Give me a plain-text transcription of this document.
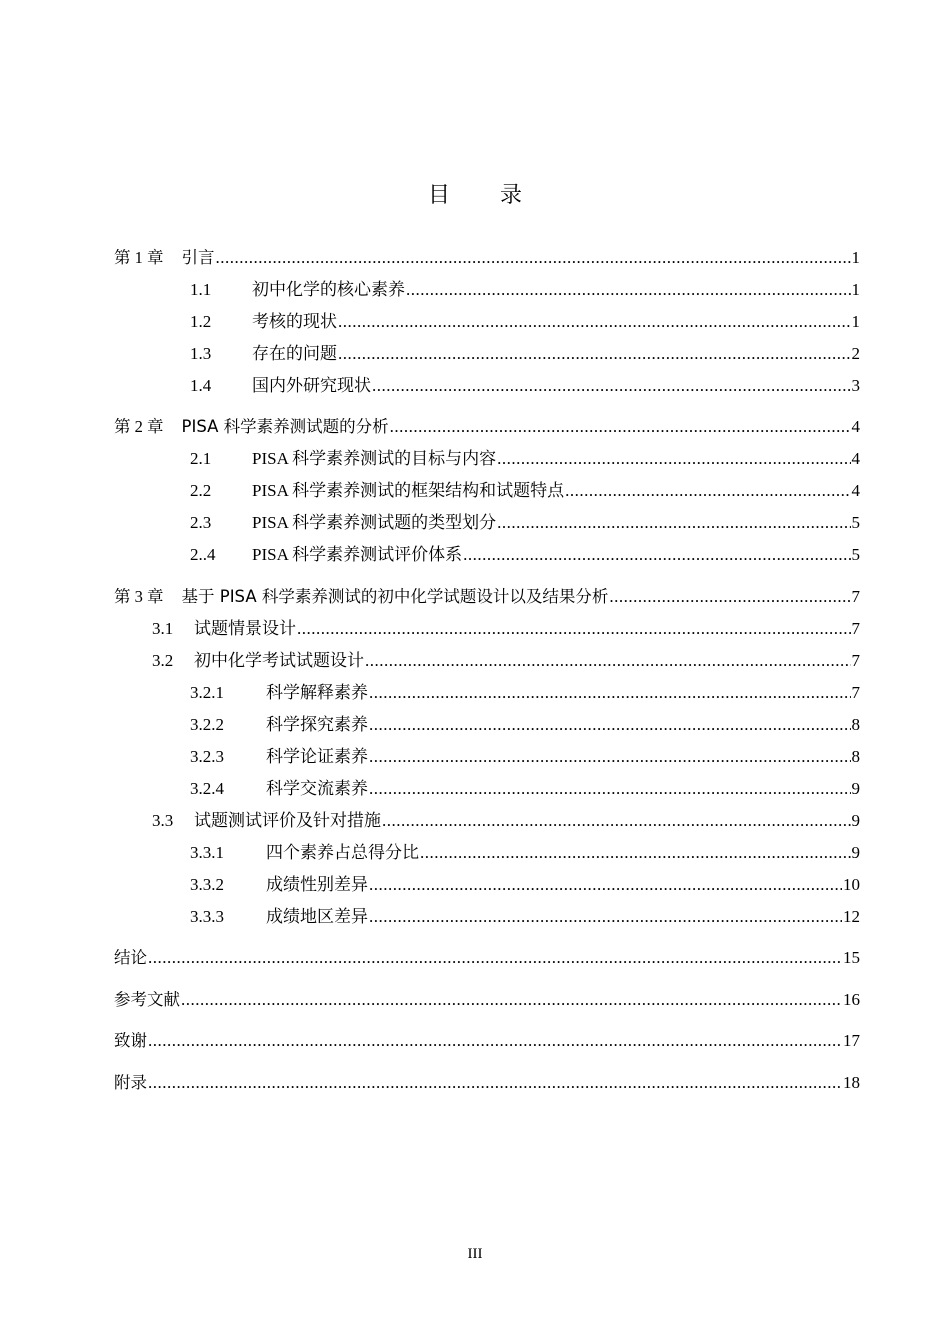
目 录
第 1 章 引言 .....	1
1.1 初中化学的核心素养 .....	1
1.2 考核的现状 .....	1
1.3 存在的问题 .....	2
1.4 国内外研究现状 .....	3
第 2 章 PISA 科学素养测试题的分析 .....	4
2.1 PISA 科学素养测试的目标与内容 .....	4
2.2 PISA 科学素养测试的框架结构和试题特点 .....	4
2.3 PISA 科学素养测试题的类型划分 .....	5
2..4 PISA 科学素养测试评价体系 .....	5
第 3 章 基于 PISA 科学素养测试的初中化学试题设计以及结果分析 .....	7
3.1 试题情景设计 .....	7
3.2 初中化学考试试题设计 .....	7
3.2.1 科学解释素养 .....	7
3.2.2 科学探究素养 .....	8
3.2.3 科学论证素养 .....	8
3.2.4 科学交流素养 .....	9
3.3 试题测试评价及针对措施 .....	9
3.3.1 四个素养占总得分比 .....	9
3.3.2 成绩性别差异 .....	10
3.3.3 成绩地区差异 .....	12
结论 .....	15
参考文献 .....	16
致谢 .....	17
附录 .....	18
III
